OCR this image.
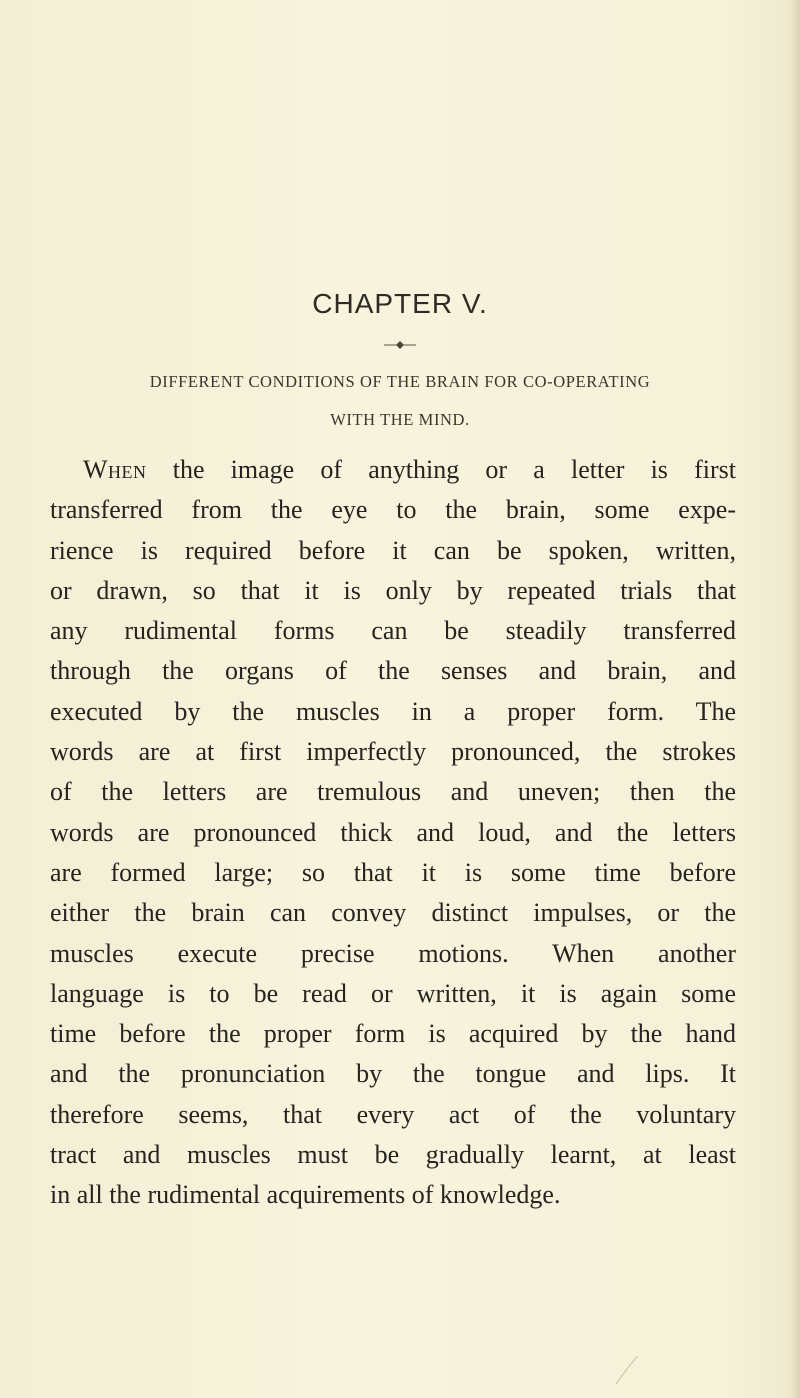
CHAPTER V.
DIFFERENT CONDITIONS OF THE BRAIN FOR CO-OPERATING
WITH THE MIND.
When the image of anything or a letter is first
transferred from the eye to the brain, some expe-
rience is required before it can be spoken, written,
or drawn, so that it is only by repeated trials that
any rudimental forms can be steadily transferred
through the organs of the senses and brain, and
executed by the muscles in a proper form. The
words are at first imperfectly pronounced, the strokes
of the letters are tremulous and uneven; then the
words are pronounced thick and loud, and the letters
are formed large; so that it is some time before
either the brain can convey distinct impulses, or the
muscles execute precise motions. When another
language is to be read or written, it is again some
time before the proper form is acquired by the hand
and the pronunciation by the tongue and lips. It
therefore seems, that every act of the voluntary
tract and muscles must be gradually learnt, at least
in all the rudimental acquirements of knowledge.
